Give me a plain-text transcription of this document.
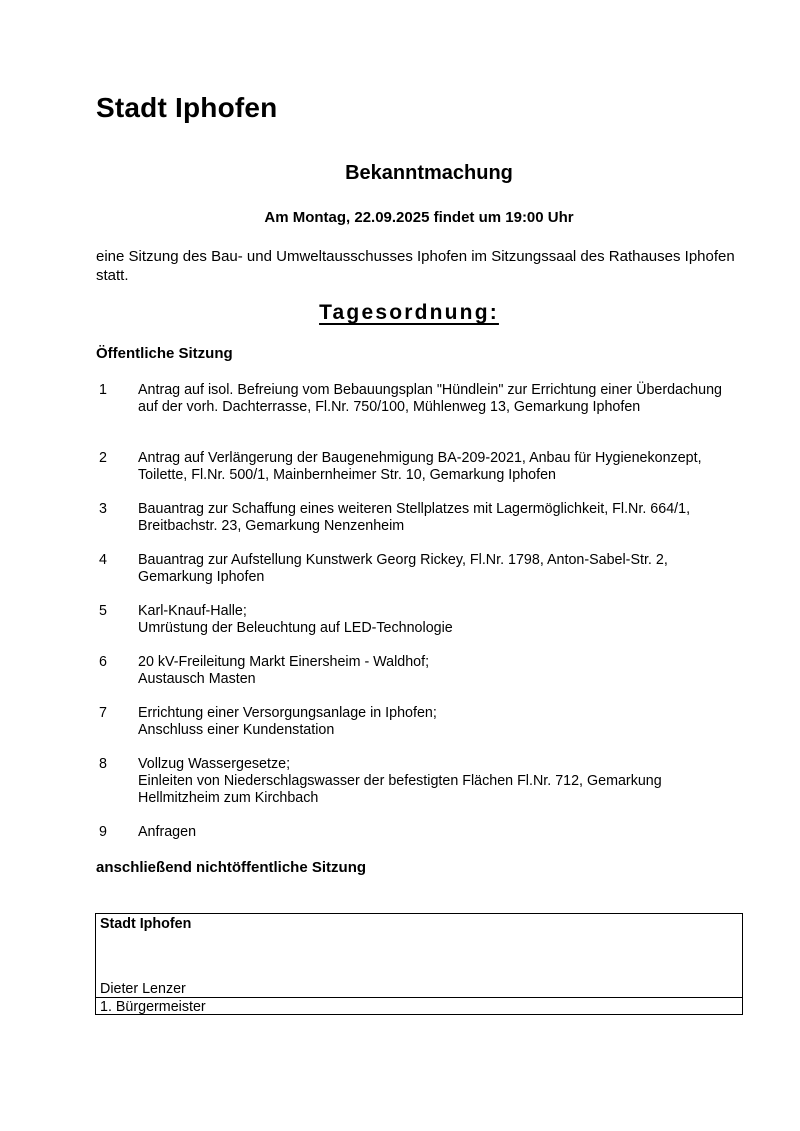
Stadt Iphofen
Bekanntmachung
Am Montag, 22.09.2025 findet um 19:00 Uhr
eine Sitzung des Bau- und Umweltausschusses Iphofen im Sitzungssaal des Rathauses Iphofen statt.
Tagesordnung:
Öffentliche Sitzung
1 Antrag auf isol. Befreiung vom Bebauungsplan "Hündlein" zur Errichtung einer Überdachung auf der vorh. Dachterrasse, Fl.Nr. 750/100, Mühlenweg 13, Gemarkung Iphofen
2 Antrag auf Verlängerung der Baugenehmigung BA-209-2021, Anbau für Hygienekonzept, Toilette, Fl.Nr. 500/1, Mainbernheimer Str. 10, Gemarkung Iphofen
3 Bauantrag zur Schaffung eines weiteren Stellplatzes mit Lagermöglichkeit, Fl.Nr. 664/1, Breitbachstr. 23, Gemarkung Nenzenheim
4 Bauantrag zur Aufstellung Kunstwerk Georg Rickey, Fl.Nr. 1798, Anton-Sabel-Str. 2, Gemarkung Iphofen
5 Karl-Knauf-Halle;
Umrüstung der Beleuchtung auf LED-Technologie
6 20 kV-Freileitung Markt Einersheim - Waldhof;
Austausch Masten
7 Errichtung einer Versorgungsanlage in Iphofen;
Anschluss einer Kundenstation
8 Vollzug Wassergesetze;
Einleiten von Niederschlagswasser der befestigten Flächen Fl.Nr. 712, Gemarkung Hellmitzheim zum Kirchbach
9 Anfragen
anschließend nichtöffentliche Sitzung
Stadt Iphofen
Dieter Lenzer
1. Bürgermeister
